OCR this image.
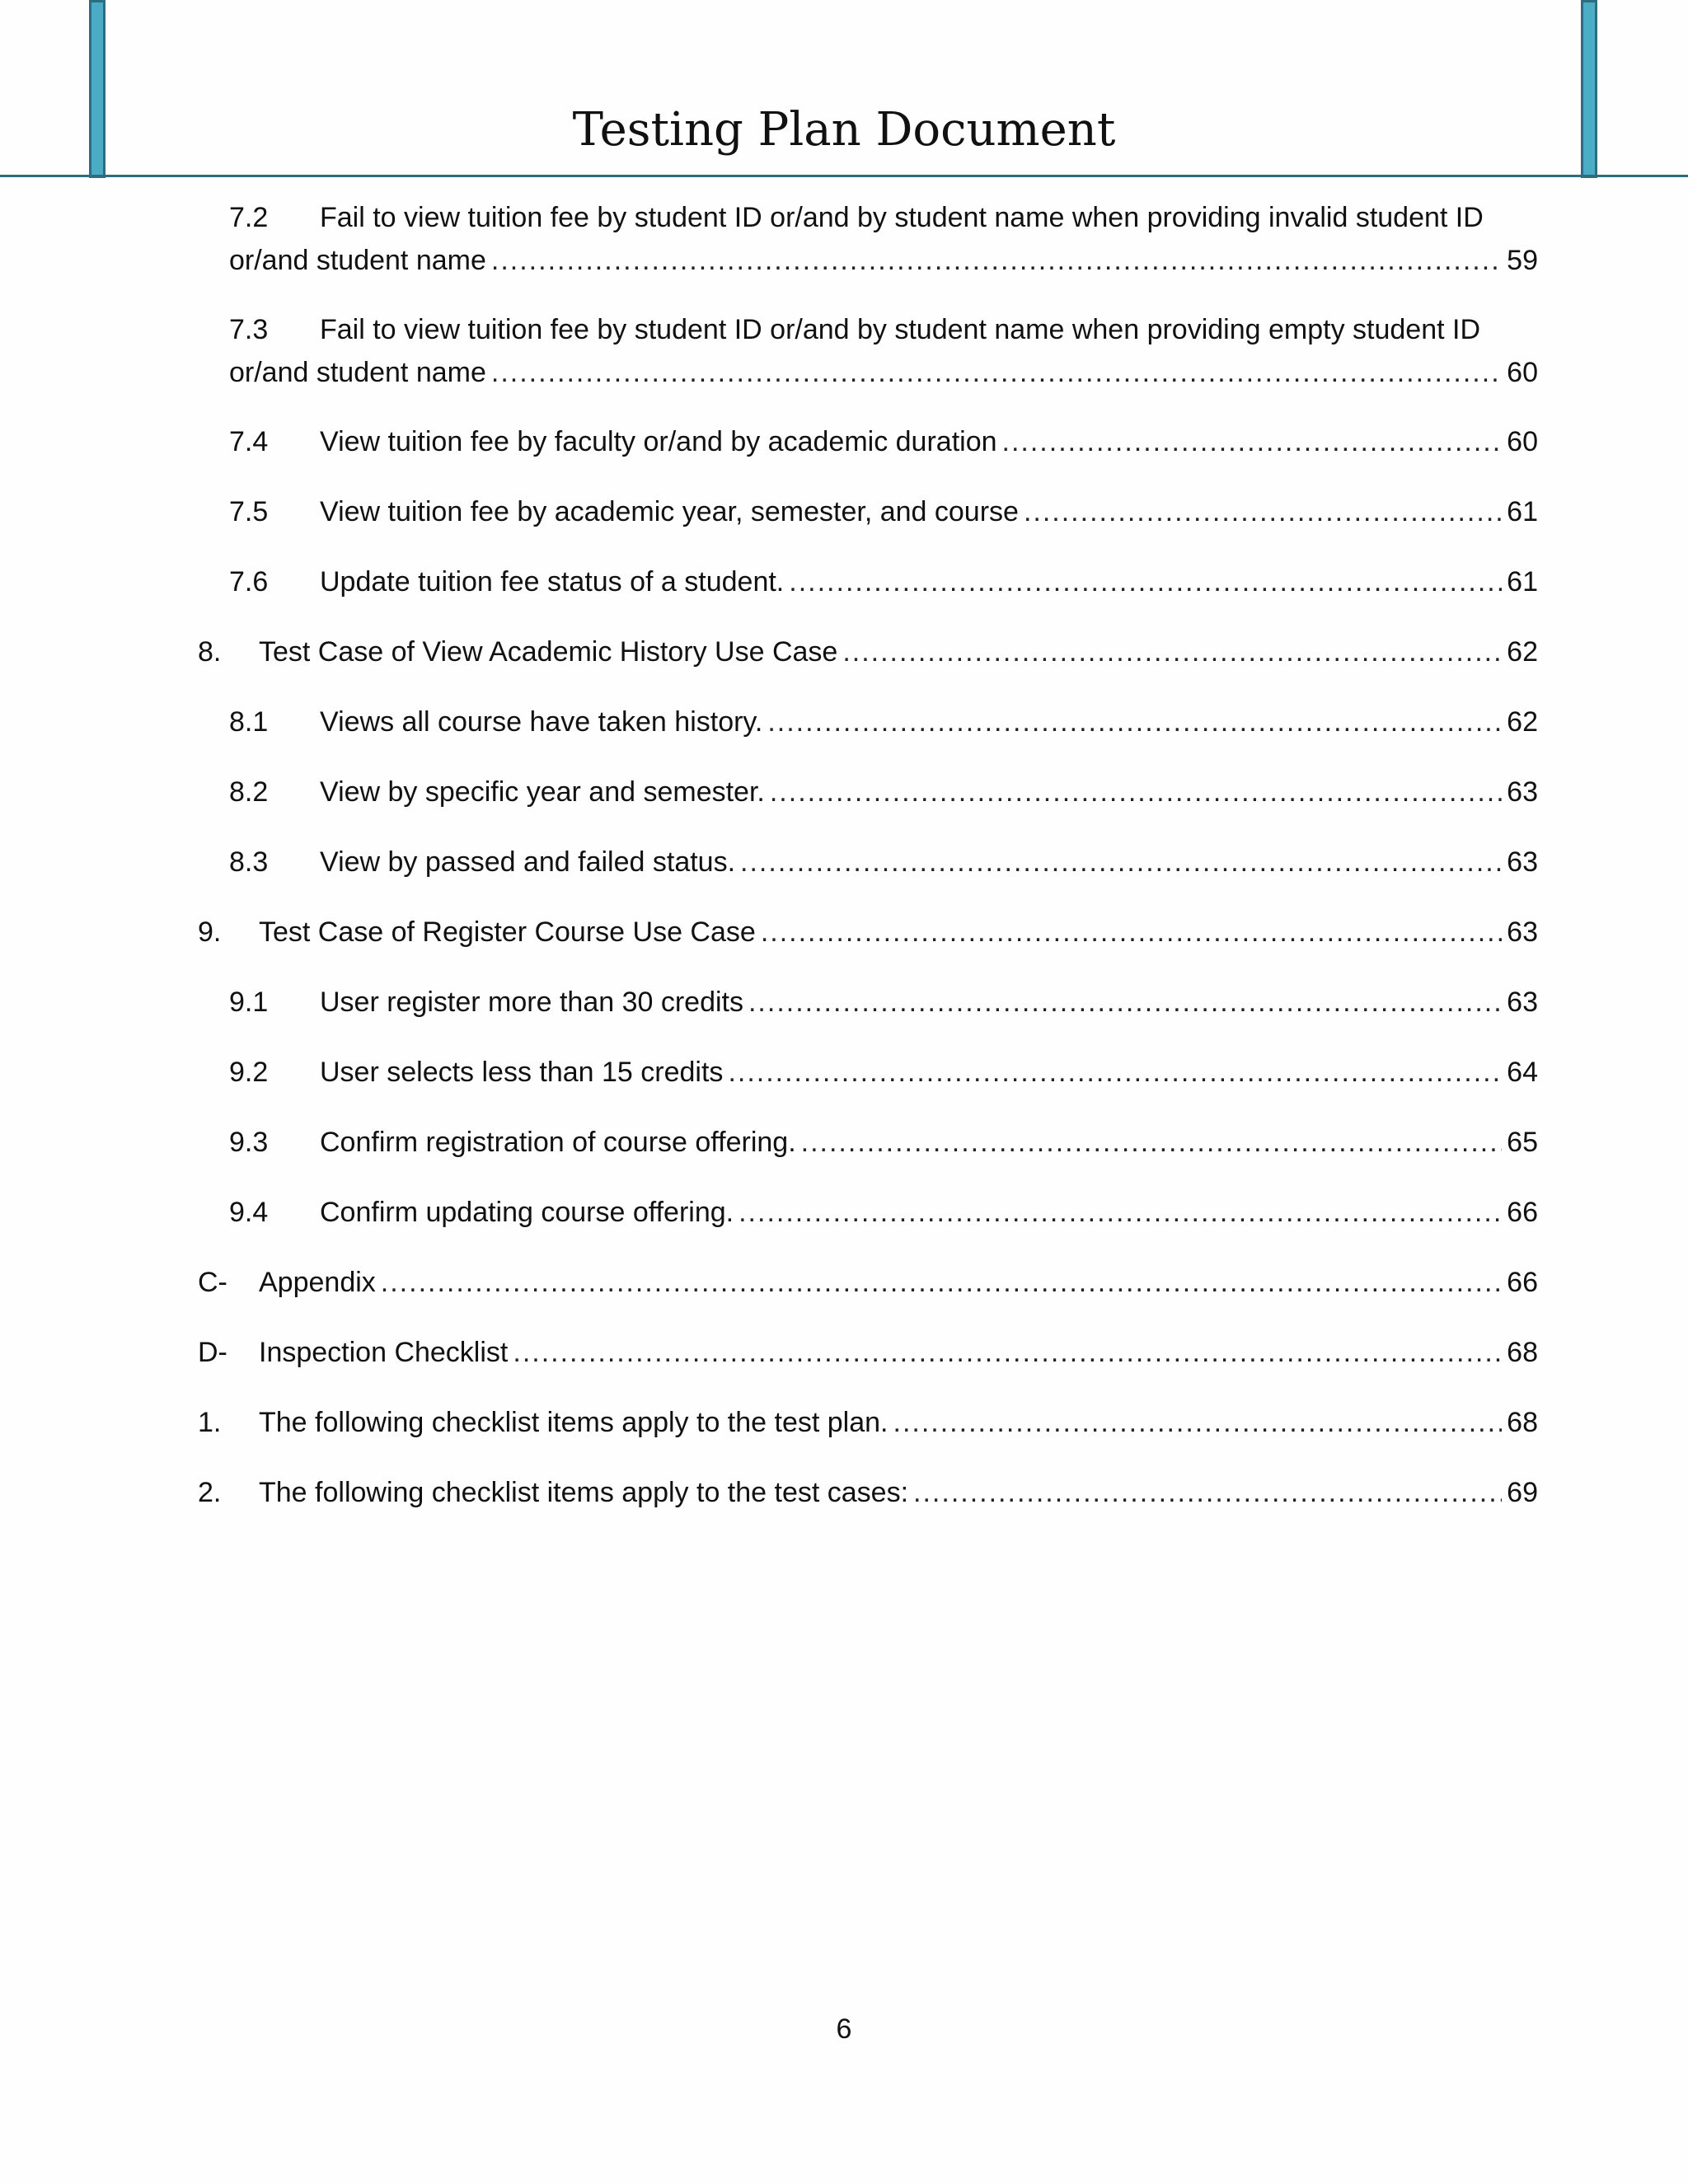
Testing Plan Document
7.2	Fail to view tuition fee by student ID or/and by student name when providing invalid student ID
or/and student name .....	59
7.3	Fail to view tuition fee by student ID or/and by student name when providing empty student ID
or/and student name .....	60
7.4	View tuition fee by faculty or/and by academic duration .....	60
7.5	View tuition fee by academic year, semester, and course .....	61
7.6	Update tuition fee status of a student. .....	61
8.	Test Case of View Academic History Use Case .....	62
8.1	Views all course have taken history. .....	62
8.2	View by specific year and semester. .....	63
8.3	View by passed and failed status. .....	63
9.	Test Case of Register Course Use Case .....	63
9.1	User register more than 30 credits .....	63
9.2	User selects less than 15 credits .....	64
9.3	Confirm registration of course offering. .....	65
9.4	Confirm updating course offering. .....	66
C-	Appendix .....	66
D-	Inspection Checklist .....	68
1.	The following checklist items apply to the test plan. .....	68
2.	The following checklist items apply to the test cases: .....	69
6
